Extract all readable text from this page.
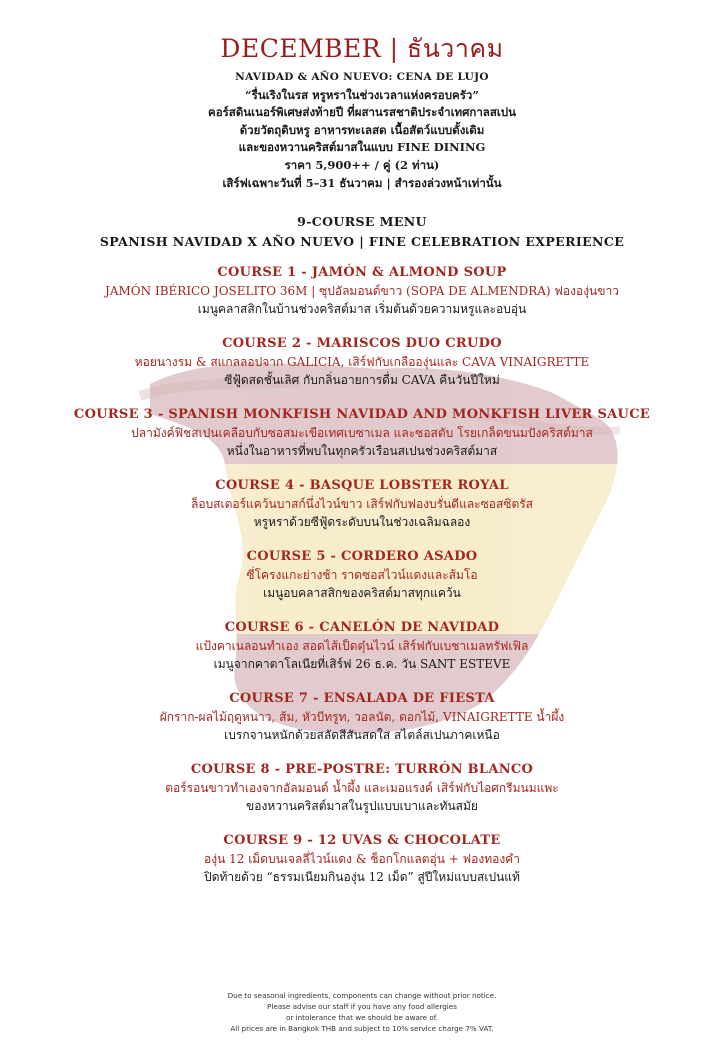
DECEMBER | ธันวาคม
NAVIDAD & AÑO NUEVO: CENA DE LUJO
“รื่นเริงในรส หรูหราในช่วงเวลาแห่งครอบครัว”
คอร์สดินเนอร์พิเศษส่งท้ายปี ที่ผสานรสชาติประจำเทศกาลสเปน
ด้วยวัตถุดิบหรู อาหารทะเลสด เนื้อสัตว์แบบดั้งเดิม
และของหวานคริสต์มาสในแบบ FINE DINING
ราคา 5,900++ / คู่ (2 ท่าน)
เสิร์ฟเฉพาะวันที่ 5–31 ธันวาคม | สำรองล่วงหน้าเท่านั้น
9-COURSE MENU
SPANISH NAVIDAD X AÑO NUEVO | FINE CELEBRATION EXPERIENCE
COURSE 1 - JAMÓN & ALMOND SOUP
JAMÓN IBÉRICO JOSELITO 36M | ซุปอัลมอนด์ขาว (SOPA DE ALMENDRA) ฟององุ่นขาว
เมนูคลาสสิกในบ้านช่วงคริสต์มาส เริ่มต้นด้วยความหรูและอบอุ่น
COURSE 2 - MARISCOS DUO CRUDO
หอยนางรม & สแกลลอปจาก GALICIA, เสิร์ฟกับเกลือองุ่นและ CAVA VINAIGRETTE
ซีฟู้ดสดชั้นเลิศ กับกลิ่นอายการดื่ม CAVA คืนวันปีใหม่
COURSE 3 - SPANISH MONKFISH NAVIDAD AND MONKFISH LIVER SAUCE
ปลามังค์ฟิชสเปนเคลือบกับซอสมะเขือเทศเบซาเมล และซอสตับ โรยเกล็ดขนมปังคริสต์มาส
หนึ่งในอาหารที่พบในทุกครัวเรือนสเปนช่วงคริสต์มาส
COURSE 4 - BASQUE LOBSTER ROYAL
ล็อบสเตอร์แคว้นบาสก์นึ่งไวน์ขาว เสิร์ฟกับฟองบรั่นดีและซอสซิตรัส
หรูหราด้วยซีฟู้ดระดับบนในช่วงเฉลิมฉลอง
COURSE 5 - CORDERO ASADO
ซี่โครงแกะย่างช้า ราดซอสไวน์แดงและส้มโอ
เมนูอบคลาสสิกของคริสต์มาสทุกแคว้น
COURSE 6 - CANELÓN DE NAVIDAD
แป้งคาเนลอนทำเอง สอดไส้เป็ดตุ๋นไวน์ เสิร์ฟกับเบชาเมลทรัฟเฟิล
เมนูจากคาตาโลเนียที่เสิร์ฟ 26 ธ.ค. วัน SANT ESTEVE
COURSE 7 - ENSALADA DE FIESTA
ผักราก-ผลไม้ฤดูหนาว, ส้ม, หัวบีทรูท, วอลนัต, ดอกไม้, VINAIGRETTE น้ำผึ้ง
เบรกจานหนักด้วยสลัดสีสันสดใส สไตล์สเปนภาคเหนือ
COURSE 8 - PRE-POSTRE: TURRÓN BLANCO
ตอร์รอนขาวทำเองจากอัลมอนด์ น้ำผึ้ง และเมอแรงค์ เสิร์ฟกับไอศกรีมนมแพะ
ของหวานคริสต์มาสในรูปแบบเบาและทันสมัย
COURSE 9 - 12 UVAS & CHOCOLATE
องุ่น 12 เม็ดบนเจลลี่ไวน์แดง & ช็อกโกแลตอุ่น + ฟองทองคำ
ปิดท้ายด้วย “ธรรมเนียมกินองุ่น 12 เม็ด” สู่ปีใหม่แบบสเปนแท้
Due to seasonal ingredients, components can change without prior notice.
Please advise our staff if you have any food allergies
or intolerance that we should be aware of.
All prices are in Bangkok THB and subject to 10% service charge 7% VAT.
